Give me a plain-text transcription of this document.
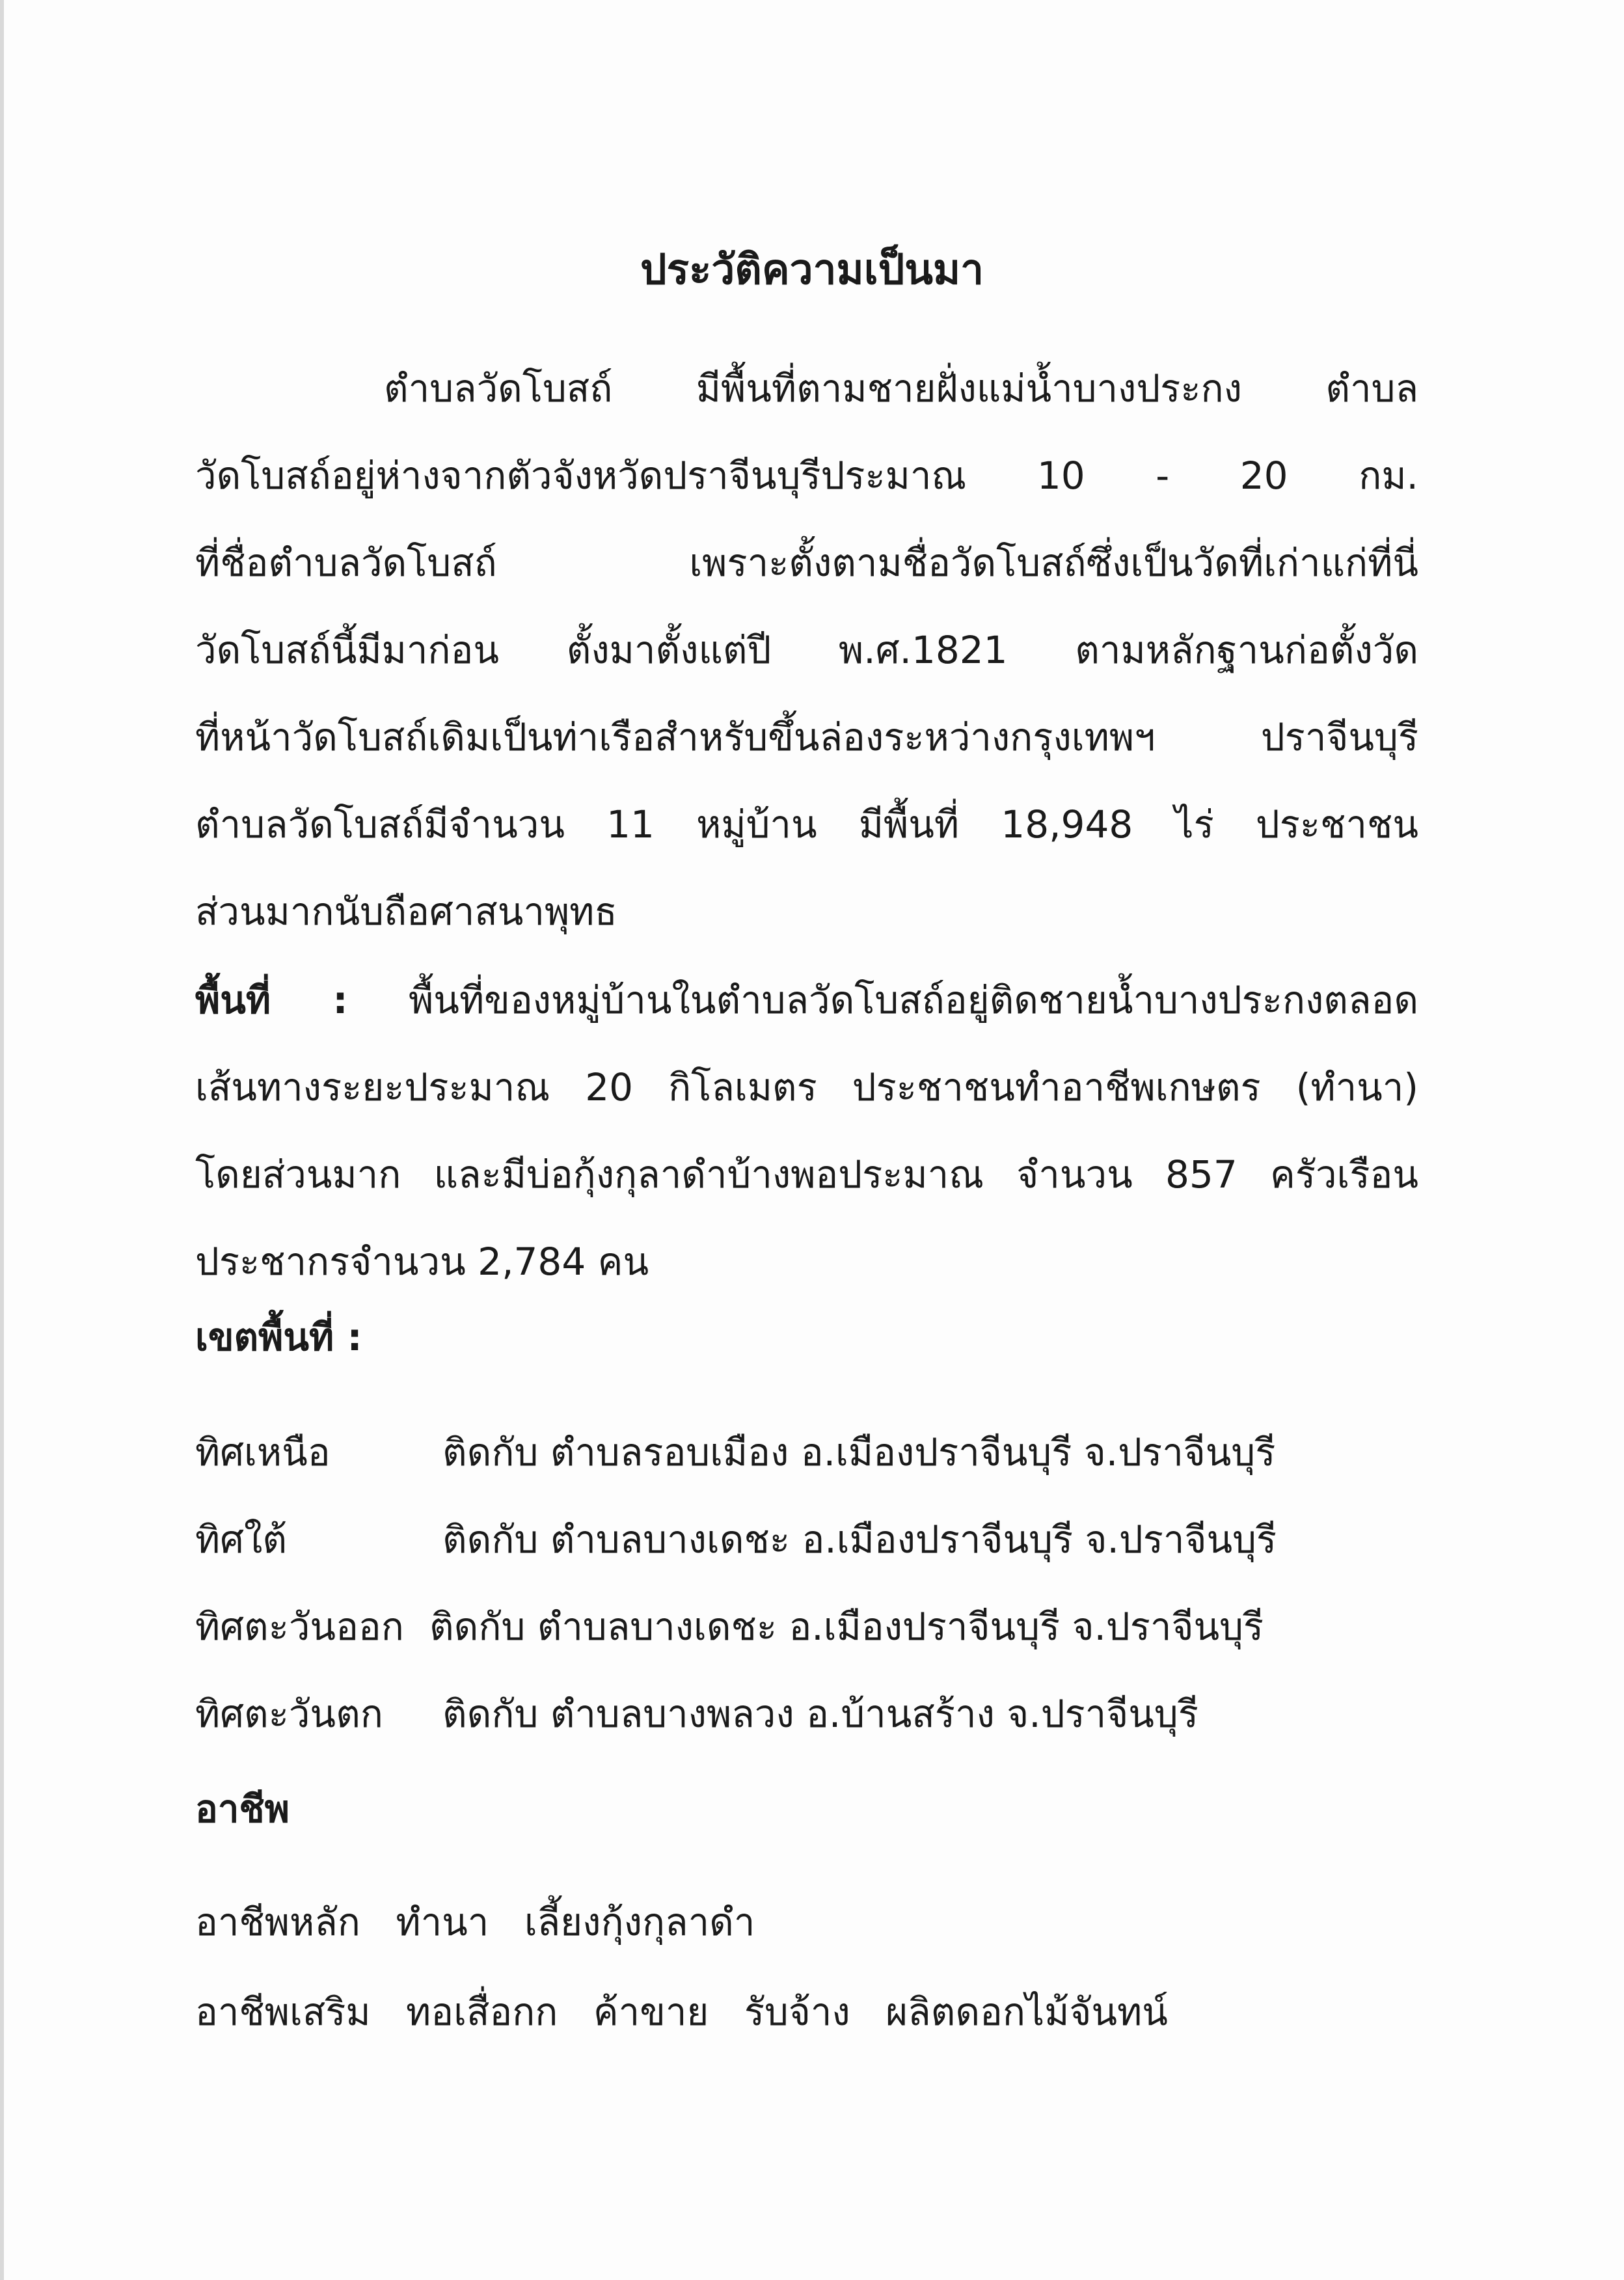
ประวัติความเป็นมา
ตำบลวัดโบสถ์ มีพื้นที่ตามชายฝั่งแม่น้ำบางประกง ตำบล
วัดโบสถ์อยู่ห่างจากตัวจังหวัดปราจีนบุรีประมาณ 10 - 20 กม.
ที่ชื่อตำบลวัดโบสถ์ เพราะตั้งตามชื่อวัดโบสถ์ซึ่งเป็นวัดที่เก่าแก่ที่นี่
วัดโบสถ์นี้มีมาก่อน ตั้งมาตั้งแต่ปี พ.ศ.1821 ตามหลักฐานก่อตั้งวัด
ที่หน้าวัดโบสถ์เดิมเป็นท่าเรือสำหรับขึ้นล่องระหว่างกรุงเทพฯ ปราจีนบุรี
ตำบลวัดโบสถ์มีจำนวน 11 หมู่บ้าน มีพื้นที่ 18,948 ไร่ ประชาชน
ส่วนมากนับถือศาสนาพุทธ
พื้นที่ : พื้นที่ของหมู่บ้านในตำบลวัดโบสถ์อยู่ติดชายน้ำบางประกงตลอด
เส้นทางระยะประมาณ 20 กิโลเมตร ประชาชนทำอาชีพเกษตร (ทำนา)
โดยส่วนมาก และมีบ่อกุ้งกุลาดำบ้างพอประมาณ จำนวน 857 ครัวเรือน
ประชากรจำนวน 2,784 คน
เขตพื้นที่ :
ทิศเหนือ	ติดกับ ตำบลรอบเมือง อ.เมืองปราจีนบุรี จ.ปราจีนบุรี
ทิศใต้	ติดกับ ตำบลบางเดชะ อ.เมืองปราจีนบุรี จ.ปราจีนบุรี
ทิศตะวันออก ติดกับ ตำบลบางเดชะ อ.เมืองปราจีนบุรี จ.ปราจีนบุรี
ทิศตะวันตก	ติดกับ ตำบลบางพลวง อ.บ้านสร้าง จ.ปราจีนบุรี
อาชีพ
อาชีพหลัก ทำนา เลี้ยงกุ้งกุลาดำ
อาชีพเสริม ทอเสื่อกก ค้าขาย รับจ้าง ผลิตดอกไม้จันทน์
